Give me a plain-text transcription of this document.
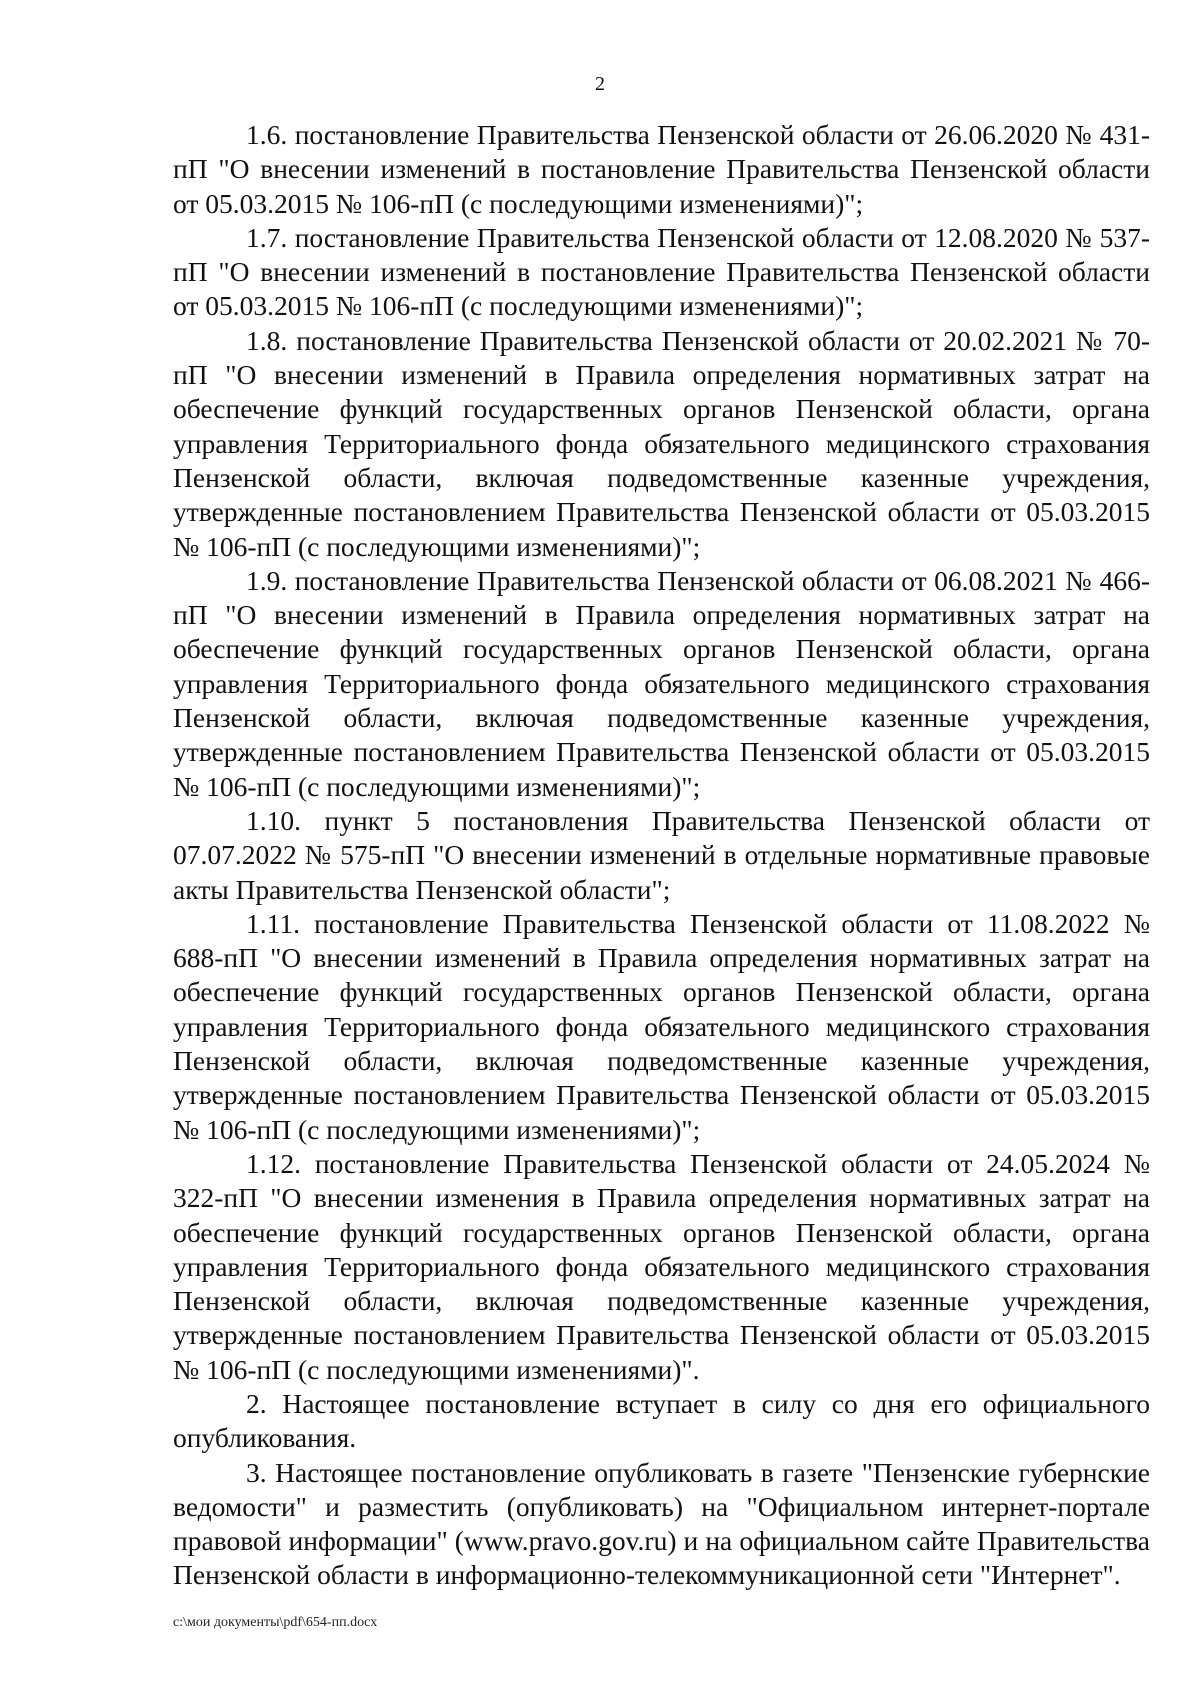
2

1.6. постановление Правительства Пензенской области от 26.06.2020 № 431-пП "О внесении изменений в постановление Правительства Пензенской области от 05.03.2015 № 106-пП (с последующими изменениями)";

1.7. постановление Правительства Пензенской области от 12.08.2020 № 537-пП "О внесении изменений в постановление Правительства Пензенской области от 05.03.2015 № 106-пП (с последующими изменениями)";

1.8. постановление Правительства Пензенской области от 20.02.2021 № 70-пП "О внесении изменений в Правила определения нормативных затрат на обеспечение функций государственных органов Пензенской области, органа управления Территориального фонда обязательного медицинского страхования Пензенской области, включая подведомственные казенные учреждения, утвержденные постановлением Правительства Пензенской области от 05.03.2015 № 106-пП (с последующими изменениями)";

1.9. постановление Правительства Пензенской области от 06.08.2021 № 466-пП "О внесении изменений в Правила определения нормативных затрат на обеспечение функций государственных органов Пензенской области, органа управления Территориального фонда обязательного медицинского страхования Пензенской области, включая подведомственные казенные учреждения, утвержденные постановлением Правительства Пензенской области от 05.03.2015 № 106-пП (с последующими изменениями)";

1.10. пункт 5 постановления Правительства Пензенской области от 07.07.2022 № 575-пП "О внесении изменений в отдельные нормативные правовые акты Правительства Пензенской области";

1.11. постановление Правительства Пензенской области от 11.08.2022 № 688-пП "О внесении изменений в Правила определения нормативных затрат на обеспечение функций государственных органов Пензенской области, органа управления Территориального фонда обязательного медицинского страхования Пензенской области, включая подведомственные казенные учреждения, утвержденные постановлением Правительства Пензенской области от 05.03.2015 № 106-пП (с последующими изменениями)";

1.12. постановление Правительства Пензенской области от 24.05.2024 № 322-пП "О внесении изменения в Правила определения нормативных затрат на обеспечение функций государственных органов Пензенской области, органа управления Территориального фонда обязательного медицинского страхования Пензенской области, включая подведомственные казенные учреждения, утвержденные постановлением Правительства Пензенской области от 05.03.2015 № 106-пП (с последующими изменениями)".

2. Настоящее постановление вступает в силу со дня его официального опубликования.

3. Настоящее постановление опубликовать в газете "Пензенские губернские ведомости" и разместить (опубликовать) на "Официальном интернет-портале правовой информации" (www.pravo.gov.ru) и на официальном сайте Правительства Пензенской области в информационно-телекоммуникационной сети "Интернет".

c:\мои документы\pdf\654-пп.docx
